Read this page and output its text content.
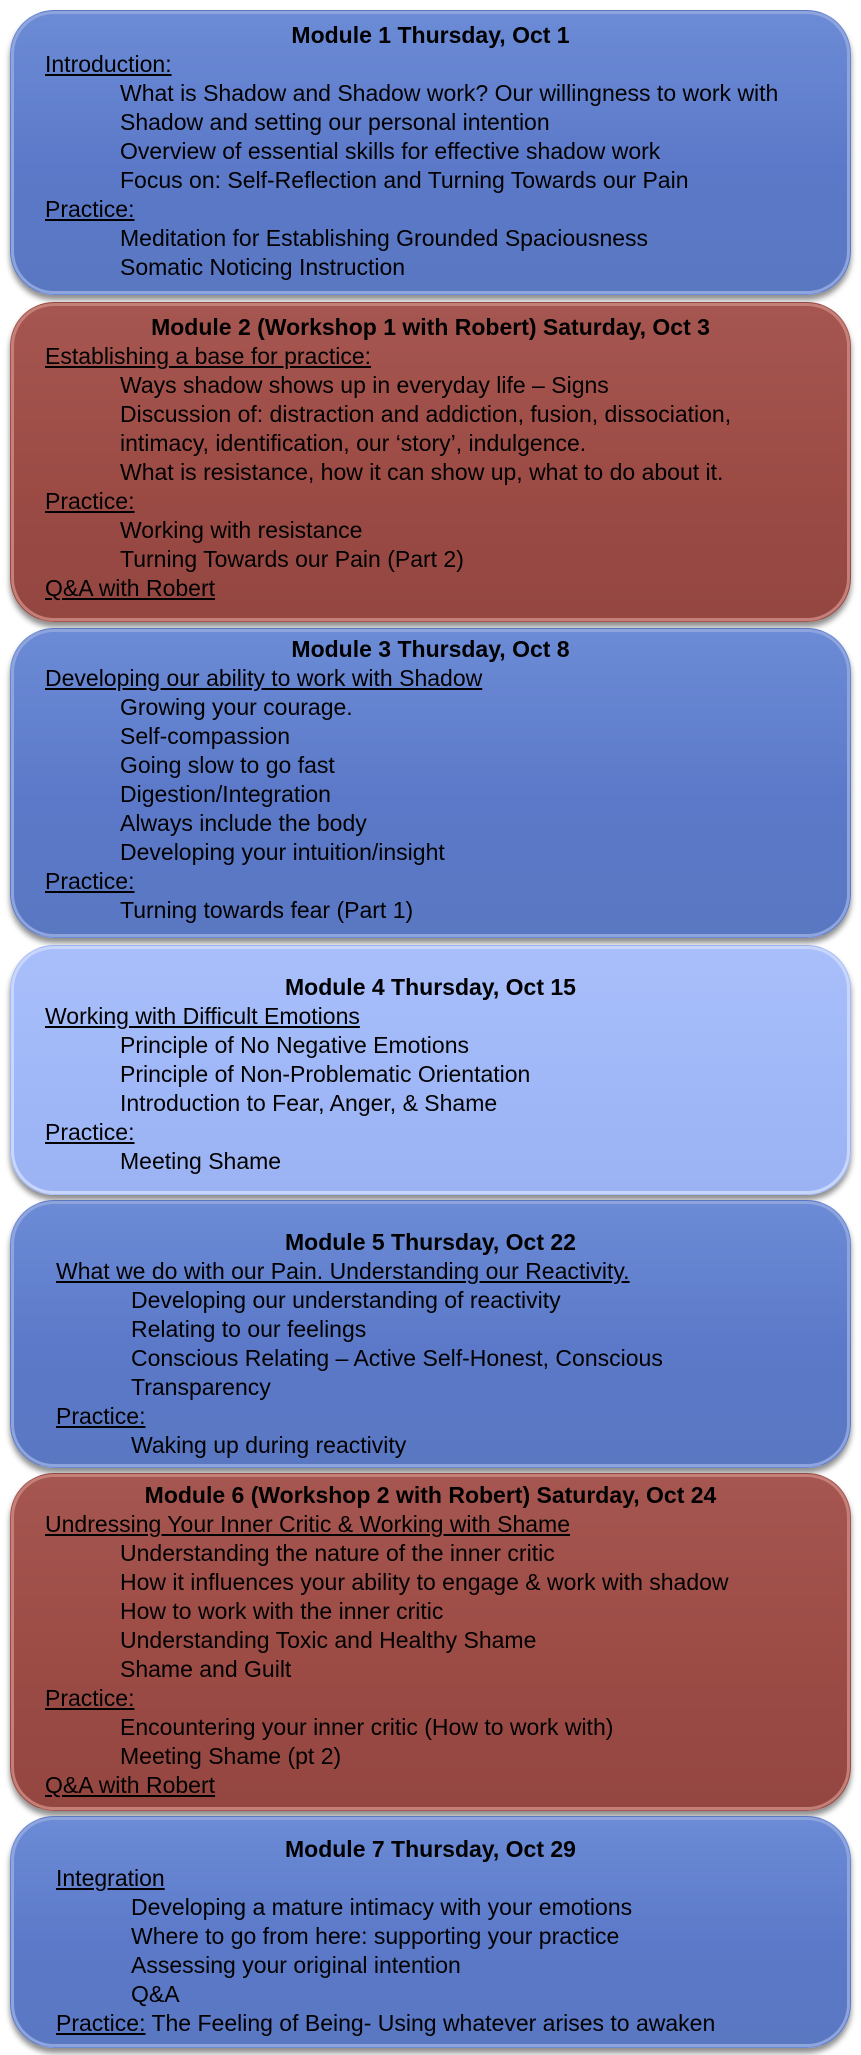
Module 1 Thursday, Oct 1
Introduction:
What is Shadow and Shadow work? Our willingness to work with
Shadow and setting our personal intention
Overview of essential skills for effective shadow work
Focus on: Self-Reflection and Turning Towards our Pain
Practice:
Meditation for Establishing Grounded Spaciousness
Somatic Noticing Instruction
Module 2 (Workshop 1 with Robert) Saturday, Oct 3
Establishing a base for practice:
Ways shadow shows up in everyday life – Signs
Discussion of: distraction and addiction, fusion, dissociation,
intimacy, identification, our ‘story’, indulgence.
What is resistance, how it can show up, what to do about it.
Practice:
Working with resistance
Turning Towards our Pain (Part 2)
Q&A with Robert
Module 3 Thursday, Oct 8
Developing our ability to work with Shadow
Growing your courage.
Self-compassion
Going slow to go fast
Digestion/Integration
Always include the body
Developing your intuition/insight
Practice:
Turning towards fear (Part 1)
Module 4 Thursday, Oct 15
Working with Difficult Emotions
Principle of No Negative Emotions
Principle of Non-Problematic Orientation
Introduction to Fear, Anger, & Shame
Practice:
Meeting Shame
Module 5 Thursday, Oct 22
What we do with our Pain. Understanding our Reactivity.
Developing our understanding of reactivity
Relating to our feelings
Conscious Relating – Active Self-Honest, Conscious
Transparency
Practice:
Waking up during reactivity
Module 6 (Workshop 2 with Robert) Saturday, Oct 24
Undressing Your Inner Critic & Working with Shame
Understanding the nature of the inner critic
How it influences your ability to engage & work with shadow
How to work with the inner critic
Understanding Toxic and Healthy Shame
Shame and Guilt
Practice:
Encountering your inner critic (How to work with)
Meeting Shame (pt 2)
Q&A with Robert
Module 7 Thursday, Oct 29
Integration
Developing a mature intimacy with your emotions
Where to go from here: supporting your practice
Assessing your original intention
Q&A
Practice: The Feeling of Being- Using whatever arises to awaken
